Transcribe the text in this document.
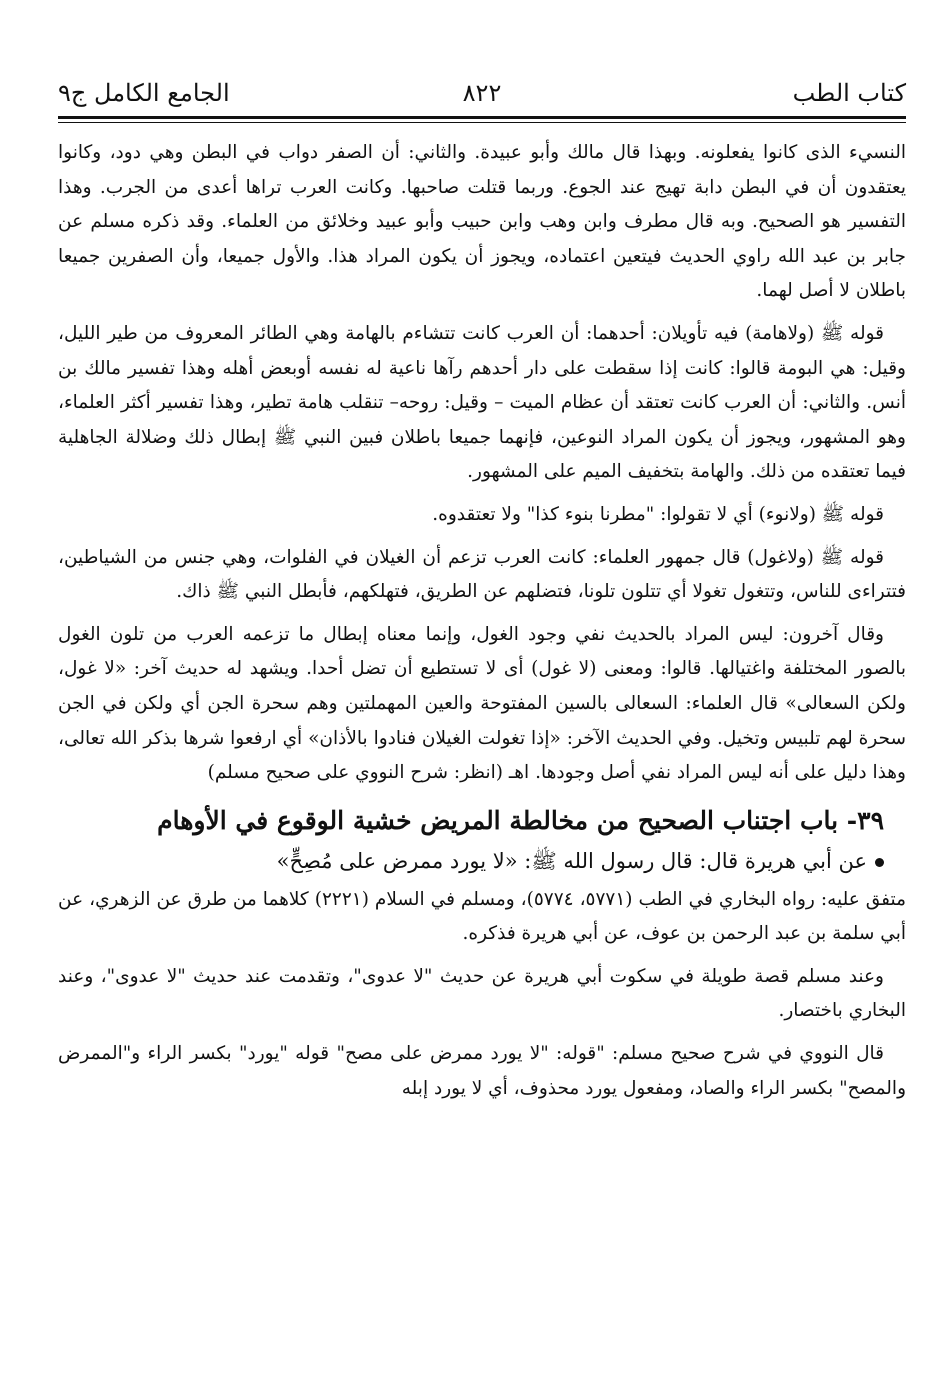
كتاب الطب
٨٢٢
الجامع الكامل ج٩

النسيء الذى كانوا يفعلونه. وبهذا قال مالك وأبو عبيدة. والثاني: أن الصفر دواب في البطن وهي دود، وكانوا يعتقدون أن في البطن دابة تهيج عند الجوع. وربما قتلت صاحبها. وكانت العرب تراها أعدى من الجرب. وهذا التفسير هو الصحيح. وبه قال مطرف وابن وهب وابن حبيب وأبو عبيد وخلائق من العلماء. وقد ذكره مسلم عن جابر بن عبد الله راوي الحديث فيتعين اعتماده، ويجوز أن يكون المراد هذا. والأول جميعا، وأن الصفرين جميعا باطلان لا أصل لهما.

قوله ﷺ (ولاهامة) فيه تأويلان: أحدهما: أن العرب كانت تتشاءم بالهامة وهي الطائر المعروف من طير الليل، وقيل: هي البومة قالوا: كانت إذا سقطت على دار أحدهم رآها ناعية له نفسه أوبعض أهله وهذا تفسير مالك بن أنس. والثاني: أن العرب كانت تعتقد أن عظام الميت – وقيل: روحه– تنقلب هامة تطير، وهذا تفسير أكثر العلماء، وهو المشهور، ويجوز أن يكون المراد النوعين، فإنهما جميعا باطلان فبين النبي ﷺ إبطال ذلك وضلالة الجاهلية فيما تعتقده من ذلك. والهامة بتخفيف الميم على المشهور.

قوله ﷺ (ولانوء) أي لا تقولوا: "مطرنا بنوء كذا" ولا تعتقدوه.

قوله ﷺ (ولاغول) قال جمهور العلماء: كانت العرب تزعم أن الغيلان في الفلوات، وهي جنس من الشياطين، فتتراءى للناس، وتتغول تغولا أي تتلون تلونا، فتضلهم عن الطريق، فتهلكهم، فأبطل النبي ﷺ ذاك.

وقال آخرون: ليس المراد بالحديث نفي وجود الغول، وإنما معناه إبطال ما تزعمه العرب من تلون الغول بالصور المختلفة واغتيالها. قالوا: ومعنى (لا غول) أى لا تستطيع أن تضل أحدا. ويشهد له حديث آخر: «لا غول، ولكن السعالى» قال العلماء: السعالى بالسين المفتوحة والعين المهملتين وهم سحرة الجن أي ولكن في الجن سحرة لهم تلبيس وتخيل. وفي الحديث الآخر: «إذا تغولت الغيلان فنادوا بالأذان» أي ارفعوا شرها بذكر الله تعالى، وهذا دليل على أنه ليس المراد نفي أصل وجودها. اهـ (انظر: شرح النووي على صحيح مسلم)

٣٩- باب اجتناب الصحيح من مخالطة المريض خشية الوقوع في الأوهام
عن أبي هريرة قال: قال رسول الله ﷺ: «لا يورد ممرض على مُصِحٍّ»

متفق عليه: رواه البخاري في الطب (٥٧٧١، ٥٧٧٤)، ومسلم في السلام (٢٢٢١) كلاهما من طرق عن الزهري، عن أبي سلمة بن عبد الرحمن بن عوف، عن أبي هريرة فذكره.

وعند مسلم قصة طويلة في سكوت أبي هريرة عن حديث "لا عدوى"، وتقدمت عند حديث "لا عدوى"، وعند البخاري باختصار.

قال النووي في شرح صحيح مسلم: "قوله: "لا يورد ممرض على مصح" قوله "يورد" بكسر الراء و"الممرض والمصح" بكسر الراء والصاد، ومفعول يورد محذوف، أي لا يورد إبله
